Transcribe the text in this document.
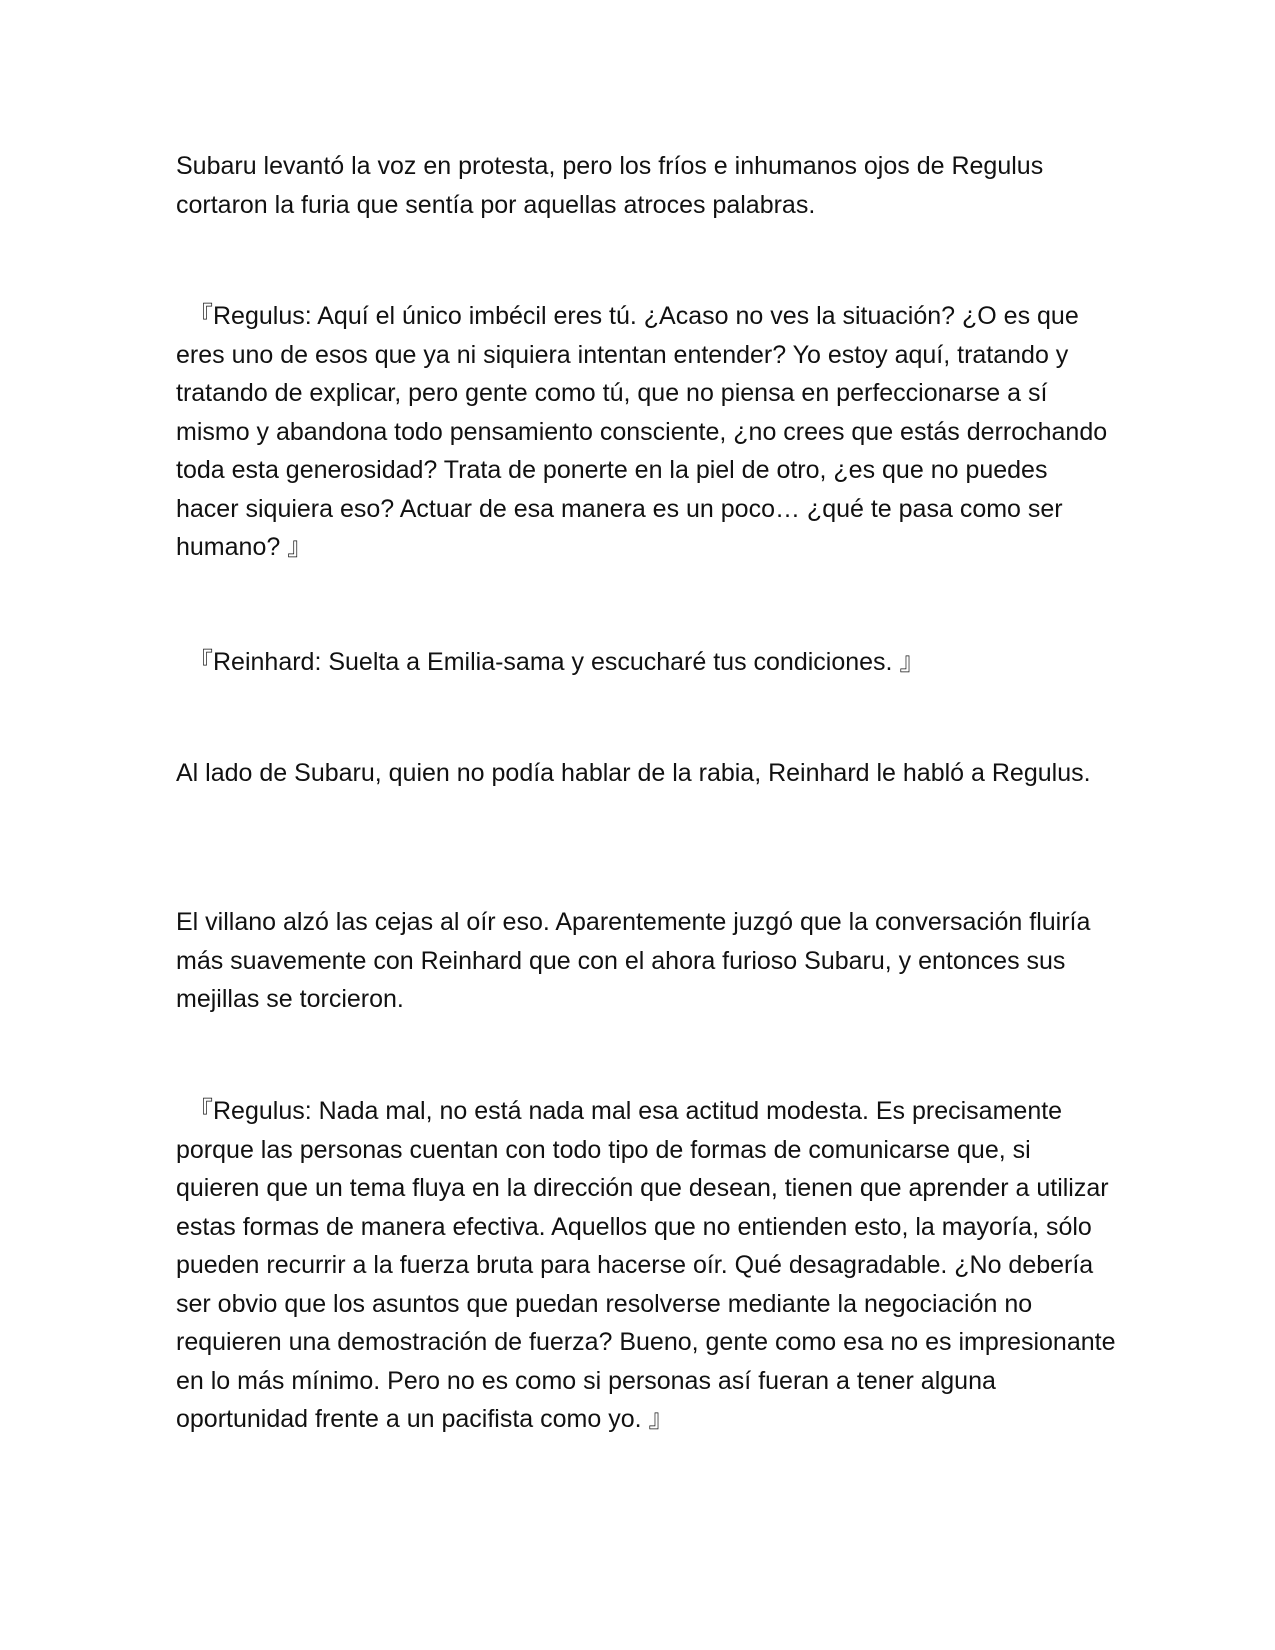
Subaru levantó la voz en protesta, pero los fríos e inhumanos ojos de Regulus cortaron la furia que sentía por aquellas atroces palabras.

『Regulus: Aquí el único imbécil eres tú. ¿Acaso no ves la situación? ¿O es que eres uno de esos que ya ni siquiera intentan entender? Yo estoy aquí, tratando y tratando de explicar, pero gente como tú, que no piensa en perfeccionarse a sí mismo y abandona todo pensamiento consciente, ¿no crees que estás derrochando toda esta generosidad? Trata de ponerte en la piel de otro, ¿es que no puedes hacer siquiera eso? Actuar de esa manera es un poco… ¿qué te pasa como ser humano? 』

『Reinhard: Suelta a Emilia-sama y escucharé tus condiciones. 』

Al lado de Subaru, quien no podía hablar de la rabia, Reinhard le habló a Regulus.

El villano alzó las cejas al oír eso. Aparentemente juzgó que la conversación fluiría más suavemente con Reinhard que con el ahora furioso Subaru, y entonces sus mejillas se torcieron.

『Regulus: Nada mal, no está nada mal esa actitud modesta. Es precisamente porque las personas cuentan con todo tipo de formas de comunicarse que, si quieren que un tema fluya en la dirección que desean, tienen que aprender a utilizar estas formas de manera efectiva. Aquellos que no entienden esto, la mayoría, sólo pueden recurrir a la fuerza bruta para hacerse oír. Qué desagradable. ¿No debería ser obvio que los asuntos que puedan resolverse mediante la negociación no requieren una demostración de fuerza? Bueno, gente como esa no es impresionante en lo más mínimo. Pero no es como si personas así fueran a tener alguna oportunidad frente a un pacifista como yo. 』
